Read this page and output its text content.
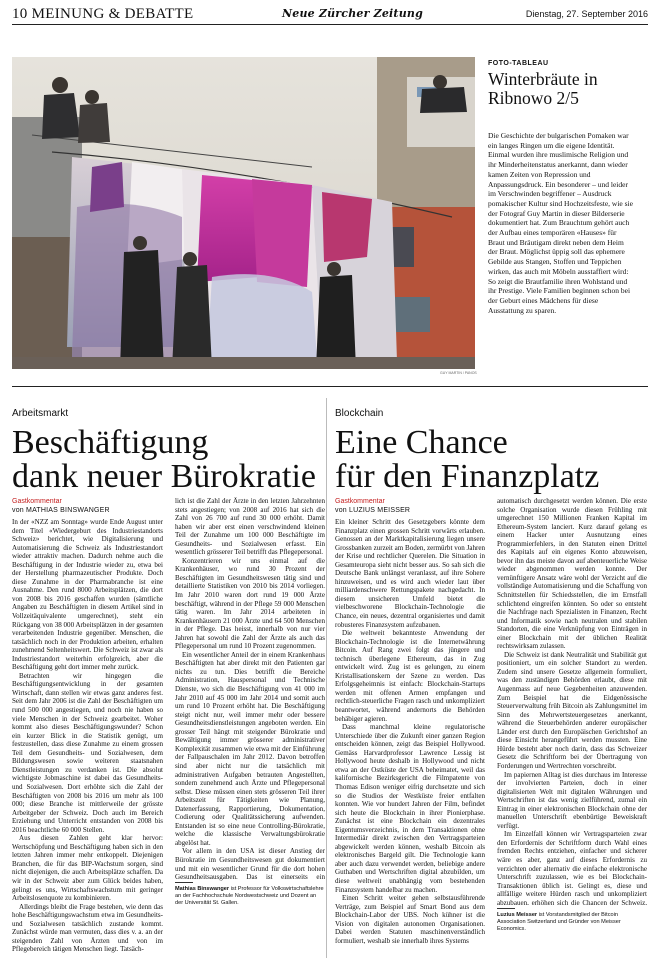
10 MEINUNG & DEBATTE	Neue Zürcher Zeitung	Dienstag, 27. September 2016
GUY MARTIN / PANOS
FOTO-TABLEAU
Winterbräute in Ribnowo 2/5
Die Geschichte der bulgarischen Pomaken war ein langes Ringen um die eigene Identität. Einmal wurden ihre muslimische Religion und ihr Minderheitenstatus anerkannt, dann wieder kamen Zeiten von Repression und Anpassungsdruck. Ein besonderer – und leider im Verschwinden begriffener – Ausdruck pomakischer Kultur sind Hochzeitsfeste, wie sie der Fotograf Guy Martin in dieser Bilderserie dokumentiert hat. Zum Brauchtum gehört auch der Aufbau eines temporären «Hauses» für Braut und Bräutigam direkt neben dem Heim der Braut. Möglichst üppig soll das ephemere Gebilde aus Stangen, Stoffen und Teppichen wirken, das auch mit Möbeln ausstaffiert wird: So zeigt die Brautfamilie ihren Wohlstand und ihr Prestige. Viele Familien beginnen schon bei der Geburt eines Mädchens für diese Ausstattung zu sparen.
Arbeitsmarkt
Beschäftigung
dank neuer Bürokratie
Gastkommentar
von MATHIAS BINSWANGER

In der «NZZ am Sonntag» wurde Ende August unter dem Titel «Wiedergeburt des Industriestandorts Schweiz» berichtet, wie Digitalisierung und Automatisierung die Schweiz als Industriestandort wieder attraktiv machen. Dadurch nehme auch die Beschäftigung in der Industrie wieder zu, etwa bei der Herstellung pharmazeutischer Produkte. Doch diese Zunahme in der Pharmabranche ist eine Ausnahme. Den rund 8000 Arbeitsplätzen, die dort von 2008 bis 2016 geschaffen wurden (sämtliche Angaben zu Beschäftigten in diesem Artikel sind in Vollzeitäquivalente umgerechnet), steht ein Rückgang von 38 000 Arbeitsplätzen in der gesamten verarbeitenden Industrie gegenüber. Menschen, die tatsächlich noch in der Produktion arbeiten, erhalten zunehmend Seltenheitswert. Die Schweiz ist zwar als Industriestandort weiterhin erfolgreich, aber die Beschäftigung geht dort immer mehr zurück.

Betrachten wir hingegen die Beschäftigungsentwicklung in der gesamten Wirtschaft, dann stellen wir etwas ganz anderes fest. Seit dem Jahr 2006 ist die Zahl der Beschäftigten um rund 500 000 angestiegen, und noch nie haben so viele Menschen in der Schweiz gearbeitet. Woher kommt also dieses Beschäftigungswunder? Schon ein kurzer Blick in die Statistik genügt, um festzustellen, dass diese Zunahme zu einem grossen Teil dem Gesundheits- und Sozialwesen, dem Bildungswesen sowie weiteren staatsnahen Dienstleistungen zu verdanken ist. Die absolut wichtigste Jobmaschine ist dabei das Gesundheits- und Sozialwesen. Dort erhöhte sich die Zahl der Beschäftigten von 2008 bis 2016 um mehr als 100 000; diese Branche ist mittlerweile der grösste Arbeitgeber der Schweiz. Doch auch im Bereich Erziehung und Unterricht entstanden von 2008 bis 2016 beachtliche 60 000 Stellen.

Aus diesen Zahlen geht klar hervor: Wertschöpfung und Beschäftigung haben sich in den letzten Jahren immer mehr entkoppelt. Diejenigen Branchen, die für das BIP-Wachstum sorgen, sind nicht diejenigen, die auch Arbeitsplätze schaffen. Da wir in der Schweiz aber zum Glück beides haben, gelingt es uns, Wirtschaftswachstum mit geringer Arbeitslosenquote zu kombinieren.

Allerdings bleibt die Frage bestehen, wie denn das hohe Beschäftigungswachstum etwa im Gesundheits- und Sozialwesen tatsächlich zustande kommt. Zunächst würde man vermuten, dass dies v. a. an der steigenden Zahl von Ärzten und von im Pflegebereich tätigen Menschen liegt. Tatsäch-

lich ist die Zahl der Ärzte in den letzten Jahrzehnten stets angestiegen; von 2008 auf 2016 hat sich die Zahl von 26 700 auf rund 30 000 erhöht. Damit haben wir aber erst einen verschwindend kleinen Teil der Zunahme um 100 000 Beschäftigte im Gesundheits- und Sozialwesen erfasst. Ein wesentlich grösserer Teil betrifft das Pflegepersonal.

Konzentrieren wir uns einmal auf die Krankenhäuser, wo rund 30 Prozent der Beschäftigten im Gesundheitswesen tätig sind und detaillierte Statistiken von 2010 bis 2014 vorliegen. Im Jahr 2010 waren dort rund 19 000 Ärzte beschäftigt, während in der Pflege 59 000 Menschen tätig waren. Im Jahr 2014 arbeiteten in Krankenhäusern 21 000 Ärzte und 64 500 Menschen in der Pflege. Das heisst, innerhalb von nur vier Jahren hat sowohl die Zahl der Ärzte als auch das Pflegepersonal um rund 10 Prozent zugenommen.

Ein wesentlicher Anteil der in einem Krankenhaus Beschäftigten hat aber direkt mit den Patienten gar nichts zu tun. Dies betrifft die Bereiche Administration, Hauspersonal und Technische Dienste, wo sich die Beschäftigung von 41 000 im Jahr 2010 auf 45 000 im Jahr 2014 und somit auch um rund 10 Prozent erhöht hat. Die Beschäftigung steigt nicht nur, weil immer mehr oder bessere Gesundheitsdienstleistungen angeboten werden. Ein grosser Teil hängt mit steigender Bürokratie und Bewältigung immer grösserer administrativer Komplexität zusammen wie etwa mit der Einführung der Fallpauschalen im Jahr 2012. Davon betroffen sind aber nicht nur die tatsächlich mit administrativen Aufgaben betrauten Angestellten, sondern zunehmend auch Ärzte und Pflegepersonal selbst. Diese müssen einen stets grösseren Teil ihrer Arbeitszeit für Tätigkeiten wie Planung, Datenerfassung, Rapportierung, Dokumentation, Codierung oder Qualitätssicherung aufwenden. Entstanden ist so eine neue Controlling-Bürokratie, welche die klassische Verwaltungsbürokratie abgelöst hat.

Vor allem in den USA ist dieser Anstieg der Bürokratie im Gesundheitswesen gut dokumentiert und mit ein wesentlicher Grund für die dort hohen Gesundheitsausgaben. Das ist einerseits ein

Mathias Binswanger ist Professor für Volkswirtschaftslehre an der Fachhochschule Nordwestschweiz und Dozent an der Universität St. Gallen.
Blockchain
Eine Chance
für den Finanzplatz
Gastkommentar
von LUZIUS MEISSER

Ein kleiner Schritt des Gesetzgebers könnte dem Finanzplatz einen grossen Schritt vorwärts erlauben. Genossen an der Marktkapitalisierung liegen unsere Grossbanken zurzeit am Boden, zermürbt von Jahren der Krise und rechtlicher Querelen. Die Situation in Gesamteuropa sieht nicht besser aus. So sah sich die Deutsche Bank unlängst veranlasst, auf ihre Sohere hinzuweisen, und es wird auch wieder laut über milliardenschwere Rettungspakete nachgedacht. In diesem unsicheren Umfeld bietet die vielbeschworene Blockchain-Technologie die Chance, ein neues, dezentral organisiertes und damit robusteres Finanzsystem aufzubauen.

Die weltweit bekannteste Anwendung der Blockchain-Technologie ist die Internetwährung Bitcoin. Auf Rang zwei folgt das jüngere und technisch überlegene Ethereum, das in Zug entwickelt wird. Zug ist es gelungen, zu einem Kristallisationskern der Szene zu werden. Das Erfolgsgeheimnis ist einfach: Blockchain-Startups werden mit offenen Armen empfangen und rechtlich-steuerliche Fragen rasch und unkompliziert beantwortet, während andernorts die Behörden behäbiger agieren.

Dass manchmal kleine regulatorische Unterschiede über die Zukunft einer ganzen Region entscheiden können, zeigt das Beispiel Hollywood. Gemäss Harvardprofessor Lawrence Lessig ist Hollywood heute deshalb in Hollywood und nicht etwa an der Ostküste der USA beheimatet, weil das kalifornische Bezirksgericht die Filmpatente von Thomas Edison weniger eifrig durchsetzte und sich so die Studios der Westküste freier entfalten konnten. Wie vor hundert Jahren der Film, befindet sich heute die Blockchain in ihrer Pionierphase. Zunächst ist eine Blockchain ein dezentrales Eigentumsverzeichnis, in dem Transaktionen ohne Intermediär direkt zwischen den Vertragsparteien abgewickelt werden können, weshalb Bitcoin als elektronisches Bargeld gilt. Die Technologie kann aber auch dazu verwendet werden, beliebige andere Guthaben und Wertschriften digital abzubilden, um diese weltweit unabhängig vom bestehenden Finanzsystem handelbar zu machen.

Einen Schritt weiter gehen selbstausführende Verträge, zum Beispiel auf Smart Bond aus dem Blockchain-Labor der UBS. Noch kühner ist die Vision von digitalen autonomen Organisationen. Dabei werden Statuten maschinenverständlich formuliert, weshalb sie innerhalb ihres Systems

automatisch durchgesetzt werden können. Die erste solche Organisation wurde diesen Frühling mit umgerechnet 150 Millionen Franken Kapital im Ethereum-System lanciert. Kurz darauf gelang es einem Hacker unter Ausnutzung eines Programmierfehlers, in den Statuten einen Drittel des Kapitals auf ein eigenes Konto abzuweisen, bevor ihn das meiste davon auf abenteuerliche Weise wieder abgenommen werden konnte. Der vernünftigere Ansatz wäre wohl der Verzicht auf die vollständige Automatisierung und die Schaffung von Schnittstellen für Schiedsstellen, die im Ernstfall schlichtend eingreifen könnten. So oder so entsteht die Nachfrage nach Spezialisten in Finanzen, Recht und Informatik sowie nach neutralen und stabilen Standorten, die eine Verknüpfung von Einträgen in einer Blockchain mit der üblichen Realität rechtswirksam zulassen.

Die Schweiz ist dank Neutralität und Stabilität gut positioniert, um ein solcher Standort zu werden. Zudem sind unsere Gesetze allgemein formuliert, was den zuständigen Behörden erlaubt, diese mit Augenmass auf neue Gegebenheiten anzuwenden. Zum Beispiel hat die Eidgenössische Steuerverwaltung früh Bitcoin als Zahlungsmittel im Sinn des Mehrwertsteuergesetzes anerkannt, während die Steuerbehörden anderer europäischer Länder erst durch den Europäischen Gerichtshof an diese Einsicht herangeführt werden mussten. Eine Hürde besteht aber noch darin, dass das Schweizer Gesetz die Schriftform bei der Übertragung von Forderungen und Wertrechten vorschreibt.

Im papiernen Alltag ist dies durchaus im Interesse der involvierten Parteien, doch in einer digitalisierten Welt mit digitalen Währungen und Wertschriften ist das wenig zielführend, zumal ein Eintrag in einer elektronischen Blockchain ohne der manuellen Unterschrift ebenbürtige Beweiskraft verfügt.

Im Einzelfall können wir Vertragsparteien zwar den Erfordernis der Schriftform durch Wahl eines fremden Rechts entziehen, einfacher und sicherer wäre es aber, ganz auf dieses Erfordernis zu verzichten oder alternativ die einfache elektronische Unterschrift zuzulassen, wie es bei Blockchain-Transaktionen üblich ist. Gelingt es, diese und allfällige weitere Hürden rasch und unkompliziert abzubauen, erhöhen sich die Chancen der Schweiz,

Luzius Meisser ist Vorstandsmitglied der Bitcoin Association Switzerland und Gründer von Meisser Economics.
